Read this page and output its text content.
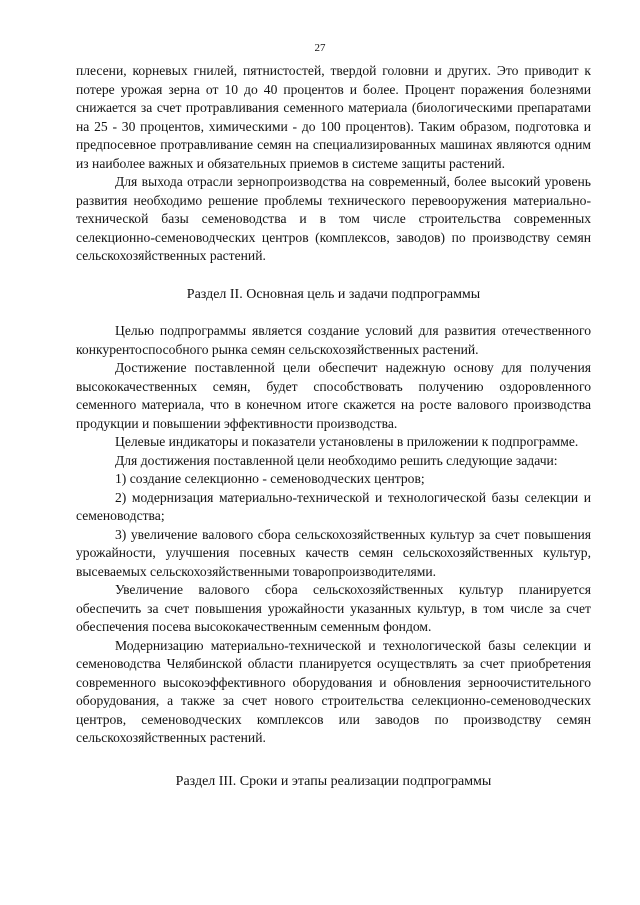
27

плесени, корневых гнилей, пятнистостей, твердой головни и других. Это приводит к потере урожая зерна от 10 до 40 процентов и более. Процент поражения болезнями снижается за счет протравливания семенного материала (биологическими препаратами на 25 - 30 процентов, химическими - до 100 процентов). Таким образом, подготовка и предпосевное протравливание семян на специализированных машинах являются одним из наиболее важных и обязательных приемов в системе защиты растений.

Для выхода отрасли зернопроизводства на современный, более высокий уровень развития необходимо решение проблемы технического перевооружения материально-технической базы семеноводства и в том числе строительства современных селекционно-семеноводческих центров (комплексов, заводов) по производству семян сельскохозяйственных растений.

Раздел II. Основная цель и задачи подпрограммы

Целью подпрограммы является создание условий для развития отечественного конкурентоспособного рынка семян сельскохозяйственных растений.

Достижение поставленной цели обеспечит надежную основу для получения высококачественных семян, будет способствовать получению оздоровленного семенного материала, что в конечном итоге скажется на росте валового производства продукции и повышении эффективности производства.

Целевые индикаторы и показатели установлены в приложении к подпрограмме.

Для достижения поставленной цели необходимо решить следующие задачи:

1) создание селекционно - семеноводческих центров;

2) модернизация материально-технической и технологической базы селекции и семеноводства;

3) увеличение валового сбора сельскохозяйственных культур за счет повышения урожайности, улучшения посевных качеств семян сельскохозяйственных культур, высеваемых сельскохозяйственными товаропроизводителями.

Увеличение валового сбора сельскохозяйственных культур планируется обеспечить за счет повышения урожайности указанных культур, в том числе за счет обеспечения посева высококачественным семенным фондом.

Модернизацию материально-технической и технологической базы селекции и семеноводства Челябинской области планируется осуществлять за счет приобретения современного высокоэффективного оборудования и обновления зерноочистительного оборудования, а также за счет нового строительства селекционно-семеноводческих центров, семеноводческих комплексов или заводов по производству семян сельскохозяйственных растений.

Раздел III. Сроки и этапы реализации подпрограммы
